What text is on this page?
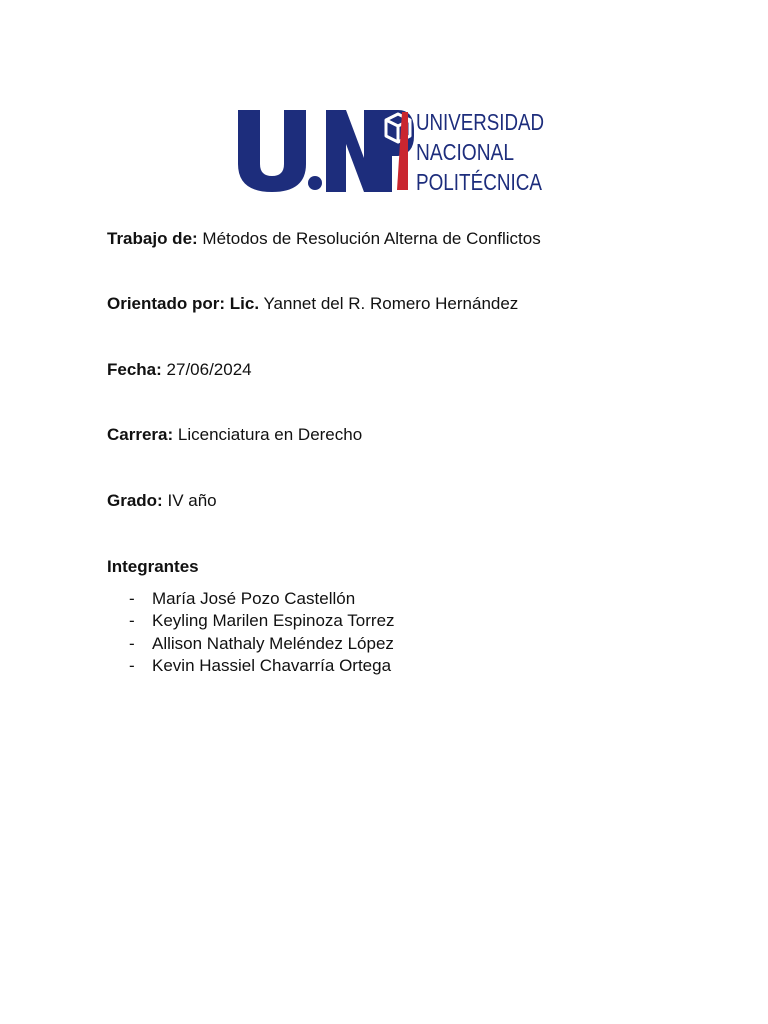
UNIVERSIDAD
NACIONAL
POLITÉCNICA
Trabajo de: Métodos de Resolución Alterna de Conflictos
Orientado por: Lic. Yannet del R. Romero Hernández
Fecha: 27/06/2024
Carrera: Licenciatura en Derecho
Grado: IV año
Integrantes
- María José Pozo Castellón
- Keyling Marilen Espinoza Torrez
- Allison Nathaly Meléndez López
- Kevin Hassiel Chavarría Ortega
